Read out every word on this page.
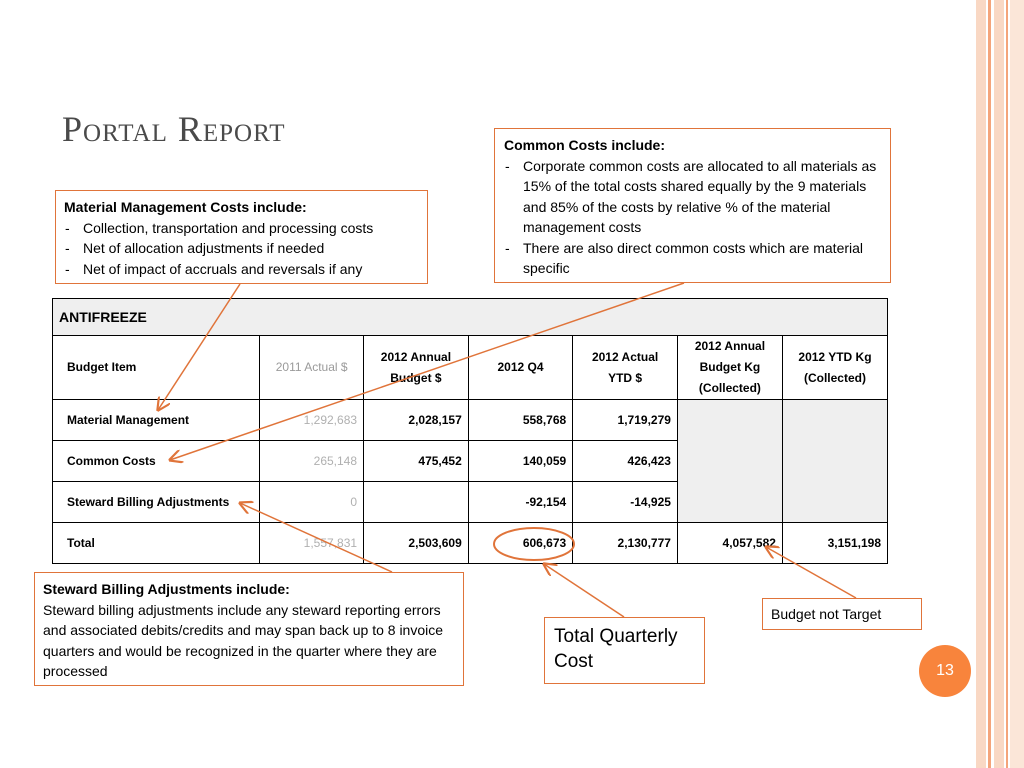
Portal Report
ANTIFREEZE						
Budget Item	2011 Actual $	2012 Annual Budget $	2012 Q4	2012 Actual YTD $	2012 Annual Budget Kg (Collected)	2012 YTD Kg (Collected)
Material Management	1,292,683	2,028,157	558,768	1,719,279		
Common Costs	265,148	475,452	140,059	426,423		
Steward Billing Adjustments	0		-92,154	-14,925		
Total	1,557,831	2,503,609	606,673	2,130,777	4,057,582	3,151,198
Material Management Costs include:
- Collection, transportation and processing costs
- Net of allocation adjustments if needed
- Net of impact of accruals and reversals if any
Common Costs include:
- Corporate common costs are allocated to all materials as 15% of the total costs shared equally by the 9 materials and 85% of the costs by relative % of the material management costs
- There are also direct common costs which are material specific
Steward Billing Adjustments include:
Steward billing adjustments include any steward reporting errors and associated debits/credits and may span back up to 8 invoice quarters and would be recognized in the quarter where they are processed
Total Quarterly Cost
Budget not Target
13
